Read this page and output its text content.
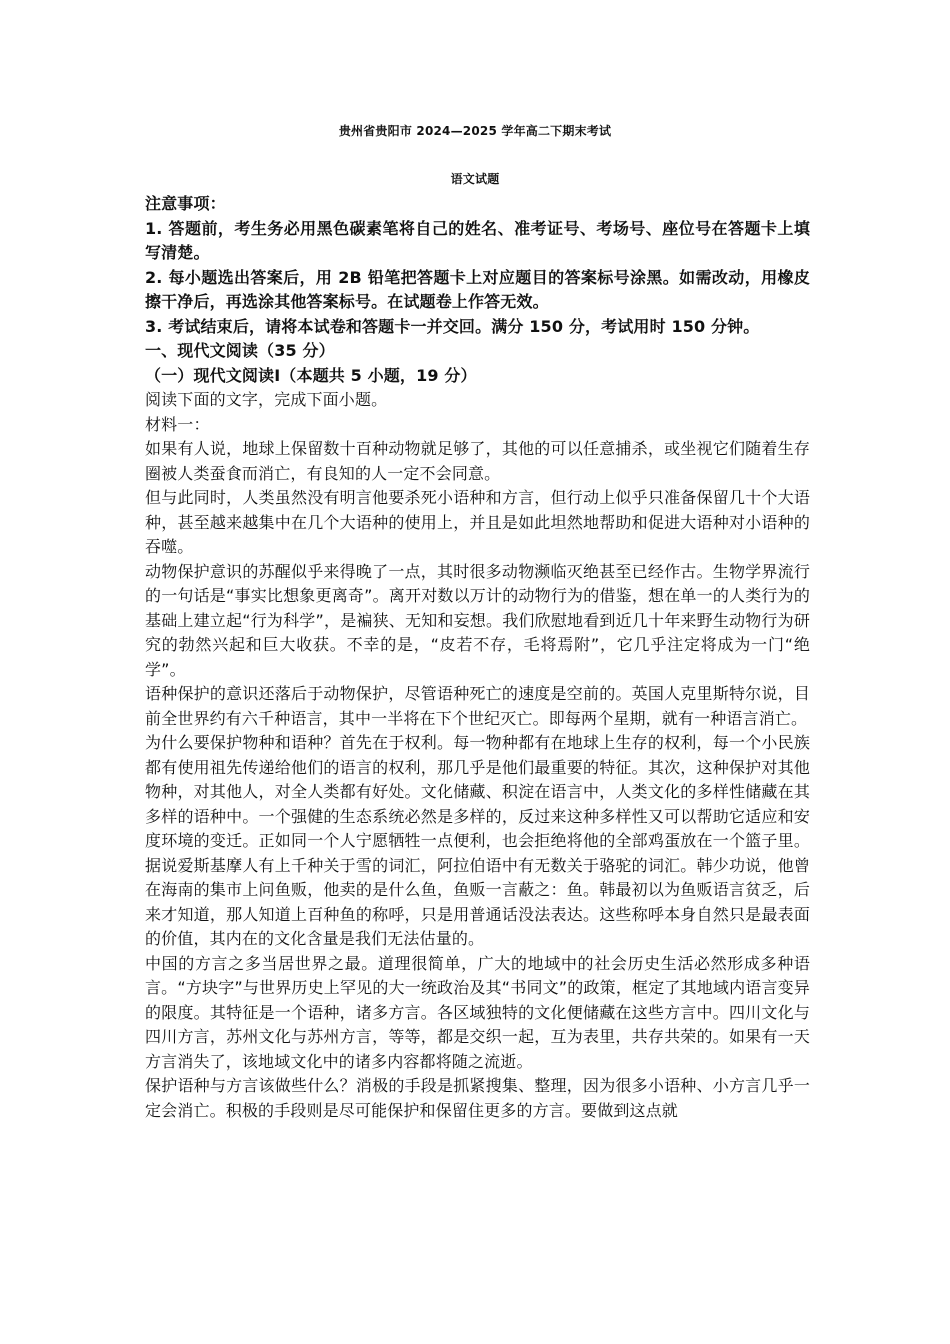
贵州省贵阳市 2024—2025 学年高二下期末考试
语文试题

注意事项：

1. 答题前，考生务必用黑色碳素笔将自己的姓名、准考证号、考场号、座位号在答题卡上填写清楚。

2. 每小题选出答案后，用 2B 铅笔把答题卡上对应题目的答案标号涂黑。如需改动，用橡皮擦干净后，再选涂其他答案标号。在试题卷上作答无效。

3. 考试结束后，请将本试卷和答题卡一并交回。满分 150 分，考试用时 150 分钟。

一、现代文阅读（35 分）

（一）现代文阅读Ⅰ（本题共 5 小题，19 分）

阅读下面的文字，完成下面小题。

材料一：

如果有人说，地球上保留数十百种动物就足够了，其他的可以任意捕杀，或坐视它们随着生存圈被人类蚕食而消亡，有良知的人一定不会同意。

但与此同时，人类虽然没有明言他要杀死小语种和方言，但行动上似乎只准备保留几十个大语种，甚至越来越集中在几个大语种的使用上，并且是如此坦然地帮助和促进大语种对小语种的吞噬。

动物保护意识的苏醒似乎来得晚了一点，其时很多动物濒临灭绝甚至已经作古。生物学界流行的一句话是“事实比想象更离奇”。离开对数以万计的动物行为的借鉴，想在单一的人类行为的基础上建立起“行为科学”，是褊狭、无知和妄想。我们欣慰地看到近几十年来野生动物行为研究的勃然兴起和巨大收获。不幸的是，“皮若不存，毛将焉附”，它几乎注定将成为一门“绝学”。

语种保护的意识还落后于动物保护，尽管语种死亡的速度是空前的。英国人克里斯特尔说，目前全世界约有六千种语言，其中一半将在下个世纪灭亡。即每两个星期，就有一种语言消亡。

为什么要保护物种和语种？首先在于权利。每一物种都有在地球上生存的权利，每一个小民族都有使用祖先传递给他们的语言的权利，那几乎是他们最重要的特征。其次，这种保护对其他物种，对其他人，对全人类都有好处。文化储藏、积淀在语言中，人类文化的多样性储藏在其多样的语种中。一个强健的生态系统必然是多样的，反过来这种多样性又可以帮助它适应和安度环境的变迁。正如同一个人宁愿牺牲一点便利，也会拒绝将他的全部鸡蛋放在一个篮子里。据说爱斯基摩人有上千种关于雪的词汇，阿拉伯语中有无数关于骆驼的词汇。韩少功说，他曾在海南的集市上问鱼贩，他卖的是什么鱼，鱼贩一言蔽之：鱼。韩最初以为鱼贩语言贫乏，后来才知道，那人知道上百种鱼的称呼，只是用普通话没法表达。这些称呼本身自然只是最表面的价值，其内在的文化含量是我们无法估量的。

中国的方言之多当居世界之最。道理很简单，广大的地域中的社会历史生活必然形成多种语言。“方块字”与世界历史上罕见的大一统政治及其“书同文”的政策，框定了其地域内语言变异的限度。其特征是一个语种，诸多方言。各区域独特的文化便储藏在这些方言中。四川文化与四川方言，苏州文化与苏州方言，等等，都是交织一起，互为表里，共存共荣的。如果有一天方言消失了，该地域文化中的诸多内容都将随之流逝。

保护语种与方言该做些什么？消极的手段是抓紧搜集、整理，因为很多小语种、小方言几乎一定会消亡。积极的手段则是尽可能保护和保留住更多的方言。要做到这点就
